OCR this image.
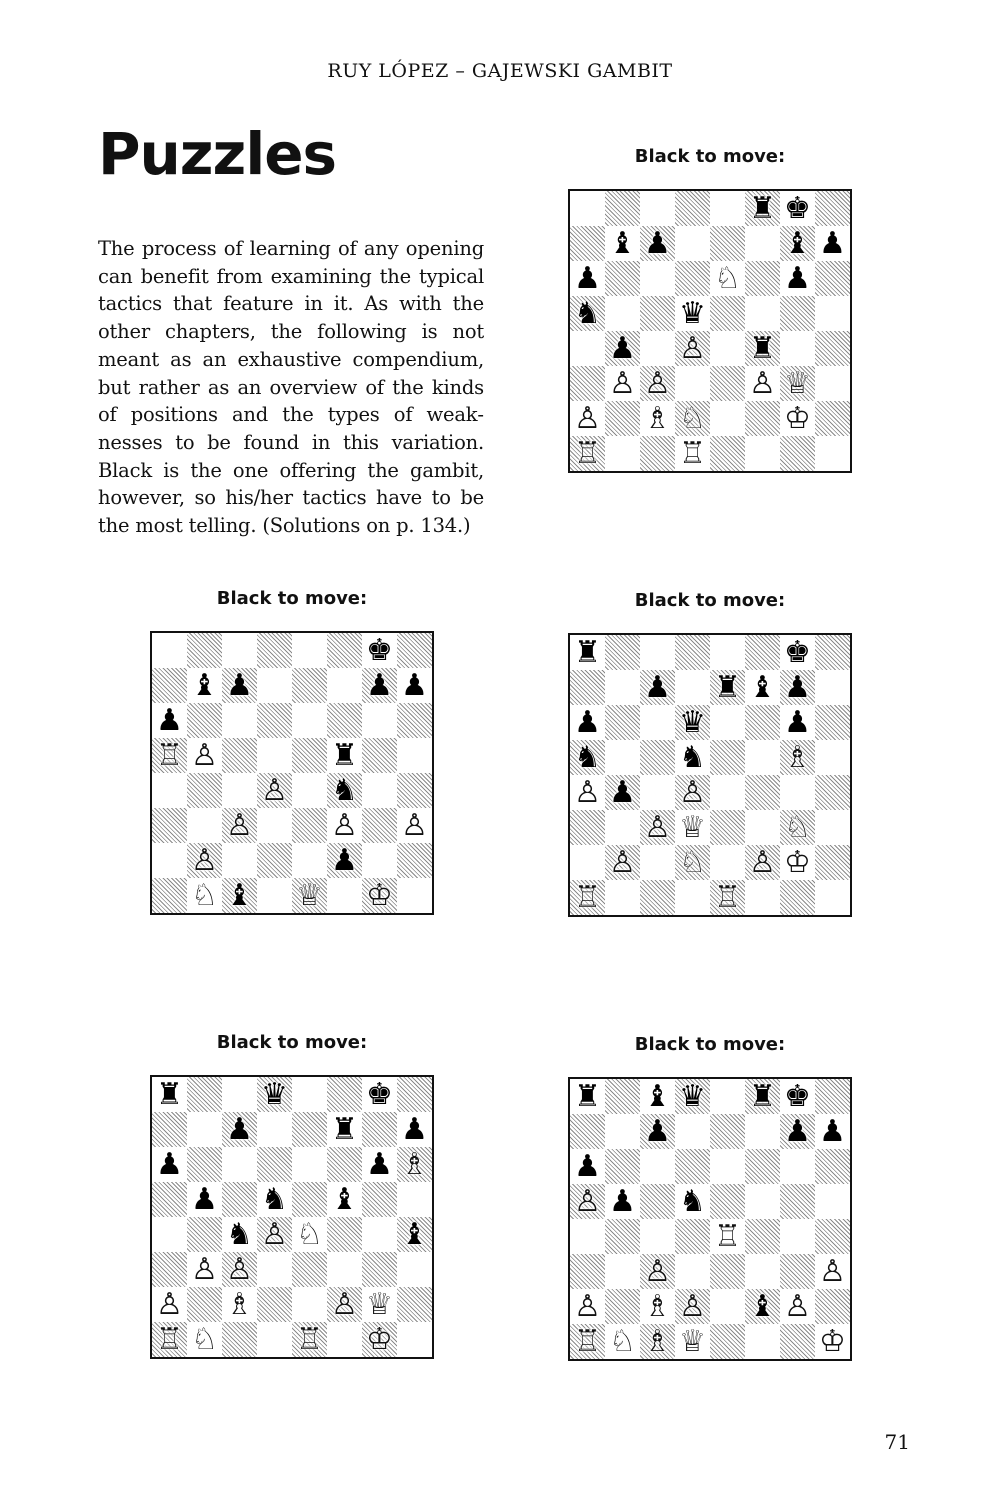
RUY LÓPEZ – GAJEWSKI GAMBIT
Puzzles

The process of learning of any opening can benefit from examining the typical tactics that feature in it. As with the other chapters, the following is not meant as an exhaustive compendium, but rather as an overview of the kinds of positions and the types of weaknesses to be found in this variation. Black is the one offering the gambit, however, so his/her tactics have to be the most telling. (Solutions on p. 134.)

Black to move:
♜ ♚
♝ ♟	♝ ♟
♟	♘ ♟
♞	♛
♟ ♙ ♜
♙ ♙	♙ ♕
♙ ♗ ♘	♔
♖	♖
Black to move:
♚
♝ ♟	♟ ♟
♟
♖ ♙	♜
♙ ♞
♙	♙ ♙
♙	♟
♘ ♝ ♕ ♔
Black to move:
♜	♚
♟ ♜ ♝ ♟
♟	♛	♟
♞	♞	♗
♙ ♟ ♙
♙ ♕	♘
♙ ♘ ♙ ♔
♖	♖
Black to move:
♜	♛	♚
♟	♜ ♟
♟	♟ ♗
♟ ♞ ♝
♞ ♙ ♘	♝
♙ ♙
♙ ♗	♙ ♕
♖ ♘	♖ ♔
Black to move:
♜ ♝ ♛ ♜ ♚
♟	♟ ♟
♟
♙ ♟ ♞
♖
♙	♙
♙ ♗ ♙ ♝ ♙
♖ ♘ ♗ ♕	♔
71
